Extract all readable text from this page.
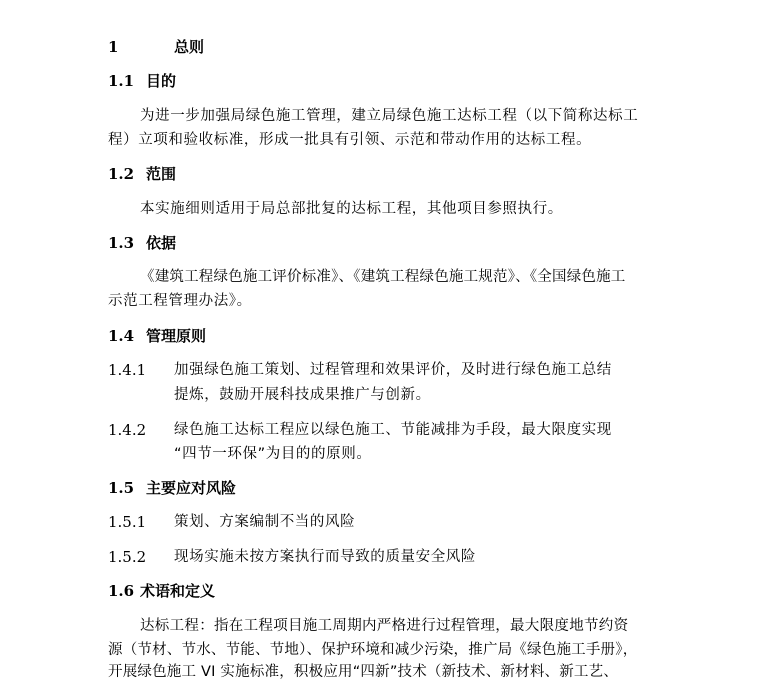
1	总则
1.1 目的
为进一步加强局绿色施工管理，建立局绿色施工达标工程（以下简称达标工
程）立项和验收标准，形成一批具有引领、示范和带动作用的达标工程。
1.2 范围
本实施细则适用于局总部批复的达标工程，其他项目参照执行。
1.3 依据
《建筑工程绿色施工评价标准》、《建筑工程绿色施工规范》、《全国绿色施工
示范工程管理办法》。
1.4 管理原则
1.4.1 加强绿色施工策划、过程管理和效果评价，及时进行绿色施工总结
提炼，鼓励开展科技成果推广与创新。
1.4.2 绿色施工达标工程应以绿色施工、节能减排为手段，最大限度实现
“四节一环保”为目的的原则。
1.5 主要应对风险
1.5.1 策划、方案编制不当的风险
1.5.2 现场实施未按方案执行而导致的质量安全风险
1.6 术语和定义
达标工程：指在工程项目施工周期内严格进行过程管理，最大限度地节约资
源（节材、节水、节能、节地）、保护环境和减少污染，推广局《绿色施工手册》，
开展绿色施工 VI 实施标准，积极应用“四新”技术（新技术、新材料、新工艺、
